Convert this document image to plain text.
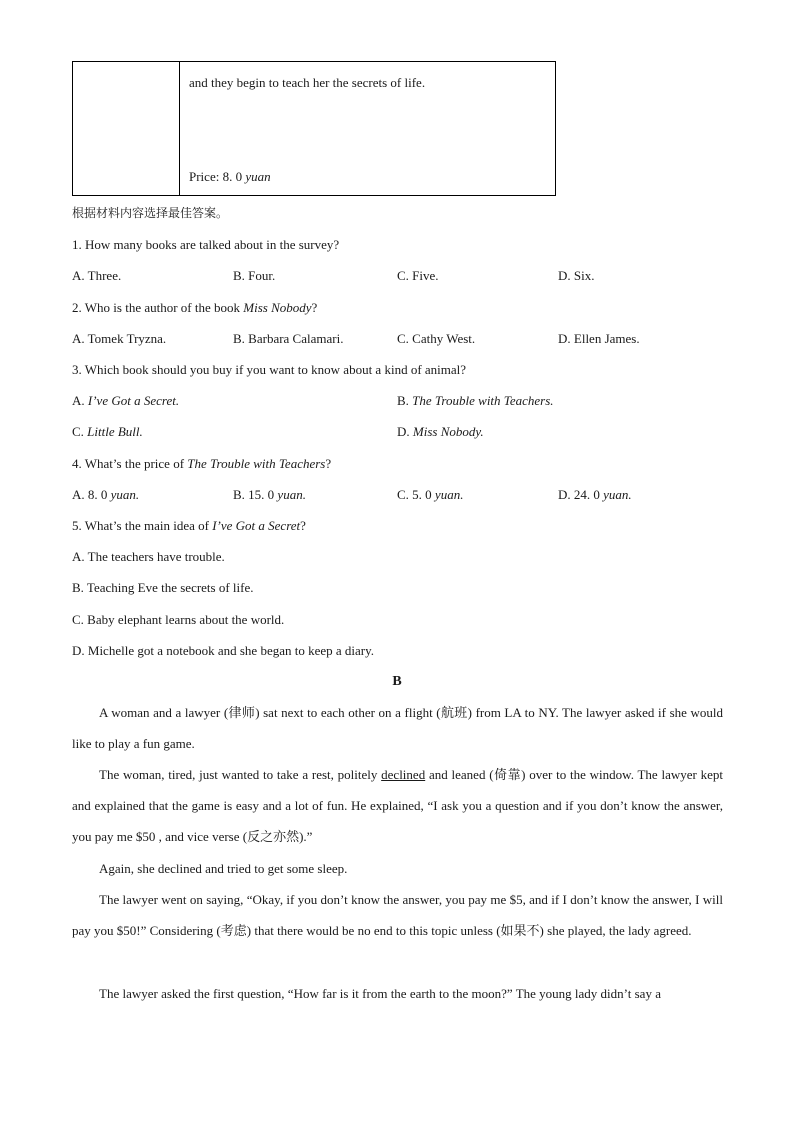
and they begin to teach her the secrets of life.
Price: 8. 0 yuan
根据材料内容选择最佳答案。
1. How many books are talked about in the survey?
A. Three.	B. Four.	C. Five.	D. Six.
2. Who is the author of the book Miss Nobody?
A. Tomek Tryzna.	B. Barbara Calamari.	C. Cathy West.	D. Ellen James.
3. Which book should you buy if you want to know about a kind of animal?
A. I’ve Got a Secret.	B. The Trouble with Teachers.
C. Little Bull.	D. Miss Nobody.
4. What’s the price of The Trouble with Teachers?
A. 8. 0 yuan.	B. 15. 0 yuan.	C. 5. 0 yuan.	D. 24. 0 yuan.
5. What’s the main idea of I’ve Got a Secret?
A. The teachers have trouble.
B. Teaching Eve the secrets of life.
C. Baby elephant learns about the world.
D. Michelle got a notebook and she began to keep a diary.
B
A woman and a lawyer (律师) sat next to each other on a flight (航班) from LA to NY. The lawyer asked if she would like to play a fun game.
The woman, tired, just wanted to take a rest, politely declined and leaned (倚靠) over to the window. The lawyer kept and explained that the game is easy and a lot of fun. He explained, “I ask you a question and if you don’t know the answer, you pay me $50 , and vice verse (反之亦然).”
Again, she declined and tried to get some sleep.
The lawyer went on saying, “Okay, if you don’t know the answer, you pay me $5, and if I don’t know the answer, I will pay you $50!” Considering (考虑) that there would be no end to this topic unless (如果不) she played, the lady agreed.
The lawyer asked the first question, “How far is it from the earth to the moon?” The young lady didn’t say a
